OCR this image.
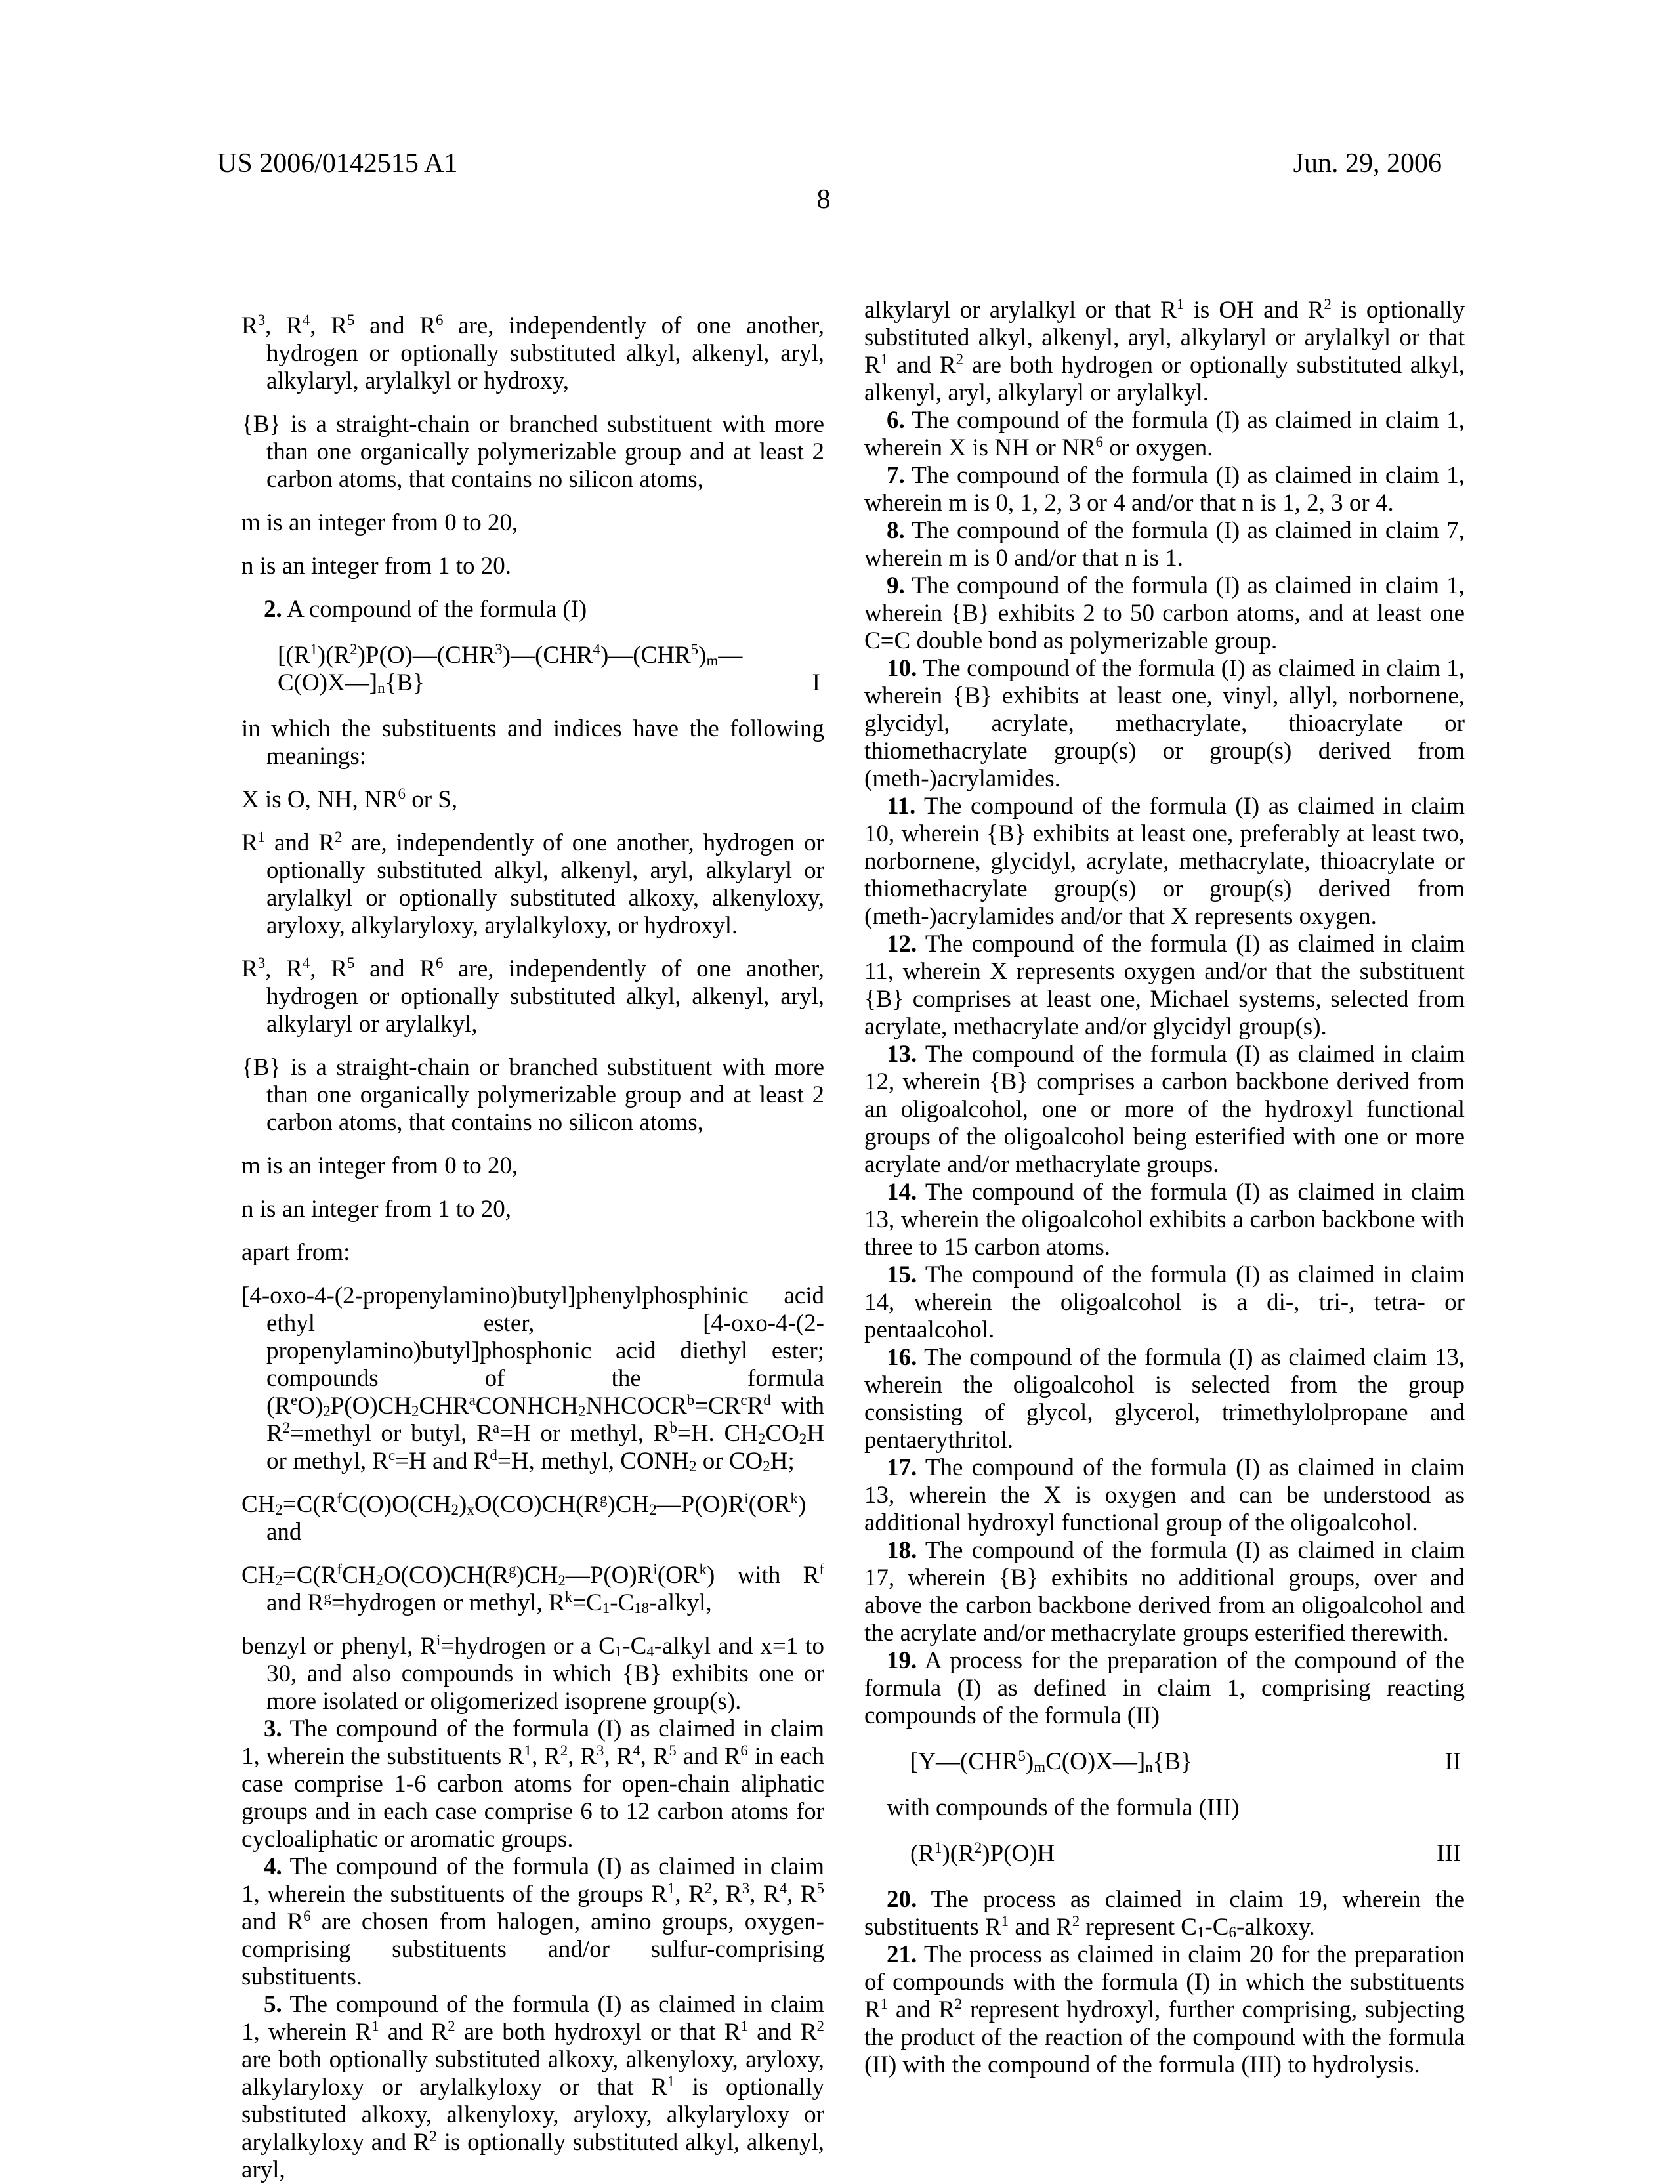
US 2006/0142515 A1	Jun. 29, 2006
8

$R^3$, $R^4$, $R^5$ and $R^6$ are, independently of one another, hydrogen or optionally substituted alkyl, alkenyl, aryl, alkylaryl, arylalkyl or hydroxy,

{B} is a straight-chain or branched substituent with more than one organically polymerizable group and at least 2 carbon atoms, that contains no silicon atoms,

m is an integer from 0 to 20,

n is an integer from 1 to 20.

2. A compound of the formula (I)

[$(R^1)(R^2)P(O)—(CHR^3)—(CHR^4)—(CHR^5)_m—$
$C(O)X—]_n\{B\}$	I

in which the substituents and indices have the following meanings:

X is O, NH, $NR^6$ or S,

$R^1$ and $R^2$ are, independently of one another, hydrogen or optionally substituted alkyl, alkenyl, aryl, alkylaryl or arylalkyl or optionally substituted alkoxy, alkenyloxy, aryloxy, alkylaryloxy, arylalkyloxy, or hydroxyl.

$R^3$, $R^4$, $R^5$ and $R^6$ are, independently of one another, hydrogen or optionally substituted alkyl, alkenyl, aryl, alkylaryl or arylalkyl,

{B} is a straight-chain or branched substituent with more than one organically polymerizable group and at least 2 carbon atoms, that contains no silicon atoms,

m is an integer from 0 to 20,

n is an integer from 1 to 20,

apart from:

[4-oxo-4-(2-propenylamino)butyl]phenylphosphinic acid ethyl ester, [4-oxo-4-(2-propenylamino)butyl]phosphonic acid diethyl ester; compounds of the formula $(R^eO)_2P(O)CH_2CHR^aCONHCH_2NHCOCR^b=CR^cR^d$ with $R^2=methyl$ or butyl, $R^a=H$ or methyl, $R^b=H$. $CH_2CO_2H$ or methyl, $R^c=H$ and $R^d=H$, methyl, $CONH_2$ or $CO_2H$;

$CH_2=C(R^fC(O)O(CH_2)_xO(CO)CH(R^g)CH_2—P(O)R^i(OR^k)$ and

$CH_2=C(R^fCH_2O(CO)CH(R^g)CH_2—P(O)R^i(OR^k)$ with $R^f$ and $R^g=hydrogen$ or methyl, $R^k=C_1-C_{18}$-alkyl,

benzyl or phenyl, $R^i=hydrogen$ or a $C_1-C_4$-alkyl and x=1 to 30, and also compounds in which {B} exhibits one or more isolated or oligomerized isoprene group(s).

3. The compound of the formula (I) as claimed in claim 1, wherein the substituents $R^1$, $R^2$, $R^3$, $R^4$, $R^5$ and $R^6$ in each case comprise 1-6 carbon atoms for open-chain aliphatic groups and in each case comprise 6 to 12 carbon atoms for cycloaliphatic or aromatic groups.

4. The compound of the formula (I) as claimed in claim 1, wherein the substituents of the groups $R^1$, $R^2$, $R^3$, $R^4$, $R^5$ and $R^6$ are chosen from halogen, amino groups, oxygen-comprising substituents and/or sulfur-comprising substituents.

5. The compound of the formula (I) as claimed in claim 1, wherein $R^1$ and $R^2$ are both hydroxyl or that $R^1$ and $R^2$ are both optionally substituted alkoxy, alkenyloxy, aryloxy, alkylaryloxy or arylalkyloxy or that $R^1$ is optionally substituted alkoxy, alkenyloxy, aryloxy, alkylaryloxy or arylalkyloxy and $R^2$ is optionally substituted alkyl, alkenyl, aryl,

alkylaryl or arylalkyl or that $R^1$ is OH and $R^2$ is optionally substituted alkyl, alkenyl, aryl, alkylaryl or arylalkyl or that $R^1$ and $R^2$ are both hydrogen or optionally substituted alkyl, alkenyl, aryl, alkylaryl or arylalkyl.

6. The compound of the formula (I) as claimed in claim 1, wherein X is NH or $NR^6$ or oxygen.

7. The compound of the formula (I) as claimed in claim 1, wherein m is 0, 1, 2, 3 or 4 and/or that n is 1, 2, 3 or 4.

8. The compound of the formula (I) as claimed in claim 7, wherein m is 0 and/or that n is 1.

9. The compound of the formula (I) as claimed in claim 1, wherein {B} exhibits 2 to 50 carbon atoms, and at least one C=C double bond as polymerizable group.

10. The compound of the formula (I) as claimed in claim 1, wherein {B} exhibits at least one, vinyl, allyl, norbornene, glycidyl, acrylate, methacrylate, thioacrylate or thiomethacrylate group(s) or group(s) derived from (meth-)acrylamides.

11. The compound of the formula (I) as claimed in claim 10, wherein {B} exhibits at least one, preferably at least two, norbornene, glycidyl, acrylate, methacrylate, thioacrylate or thiomethacrylate group(s) or group(s) derived from (meth-)acrylamides and/or that X represents oxygen.

12. The compound of the formula (I) as claimed in claim 11, wherein X represents oxygen and/or that the substituent {B} comprises at least one, Michael systems, selected from acrylate, methacrylate and/or glycidyl group(s).

13. The compound of the formula (I) as claimed in claim 12, wherein {B} comprises a carbon backbone derived from an oligoalcohol, one or more of the hydroxyl functional groups of the oligoalcohol being esterified with one or more acrylate and/or methacrylate groups.

14. The compound of the formula (I) as claimed in claim 13, wherein the oligoalcohol exhibits a carbon backbone with three to 15 carbon atoms.

15. The compound of the formula (I) as claimed in claim 14, wherein the oligoalcohol is a di-, tri-, tetra- or pentaalcohol.

16. The compound of the formula (I) as claimed claim 13, wherein the oligoalcohol is selected from the group consisting of glycol, glycerol, trimethylolpropane and pentaerythritol.

17. The compound of the formula (I) as claimed in claim 13, wherein the X is oxygen and can be understood as additional hydroxyl functional group of the oligoalcohol.

18. The compound of the formula (I) as claimed in claim 17, wherein {B} exhibits no additional groups, over and above the carbon backbone derived from an oligoalcohol and the acrylate and/or methacrylate groups esterified therewith.

19. A process for the preparation of the compound of the formula (I) as defined in claim 1, comprising reacting compounds of the formula (II)

$[Y—(CHR^5)_mC(O)X—]_n\{B\}$	II

with compounds of the formula (III)

$(R^1)(R^2)P(O)H$	III

20. The process as claimed in claim 19, wherein the substituents $R^1$ and $R^2$ represent $C_1-C_6$-alkoxy.

21. The process as claimed in claim 20 for the preparation of compounds with the formula (I) in which the substituents $R^1$ and $R^2$ represent hydroxyl, further comprising, subjecting the product of the reaction of the compound with the formula (II) with the compound of the formula (III) to hydrolysis.
